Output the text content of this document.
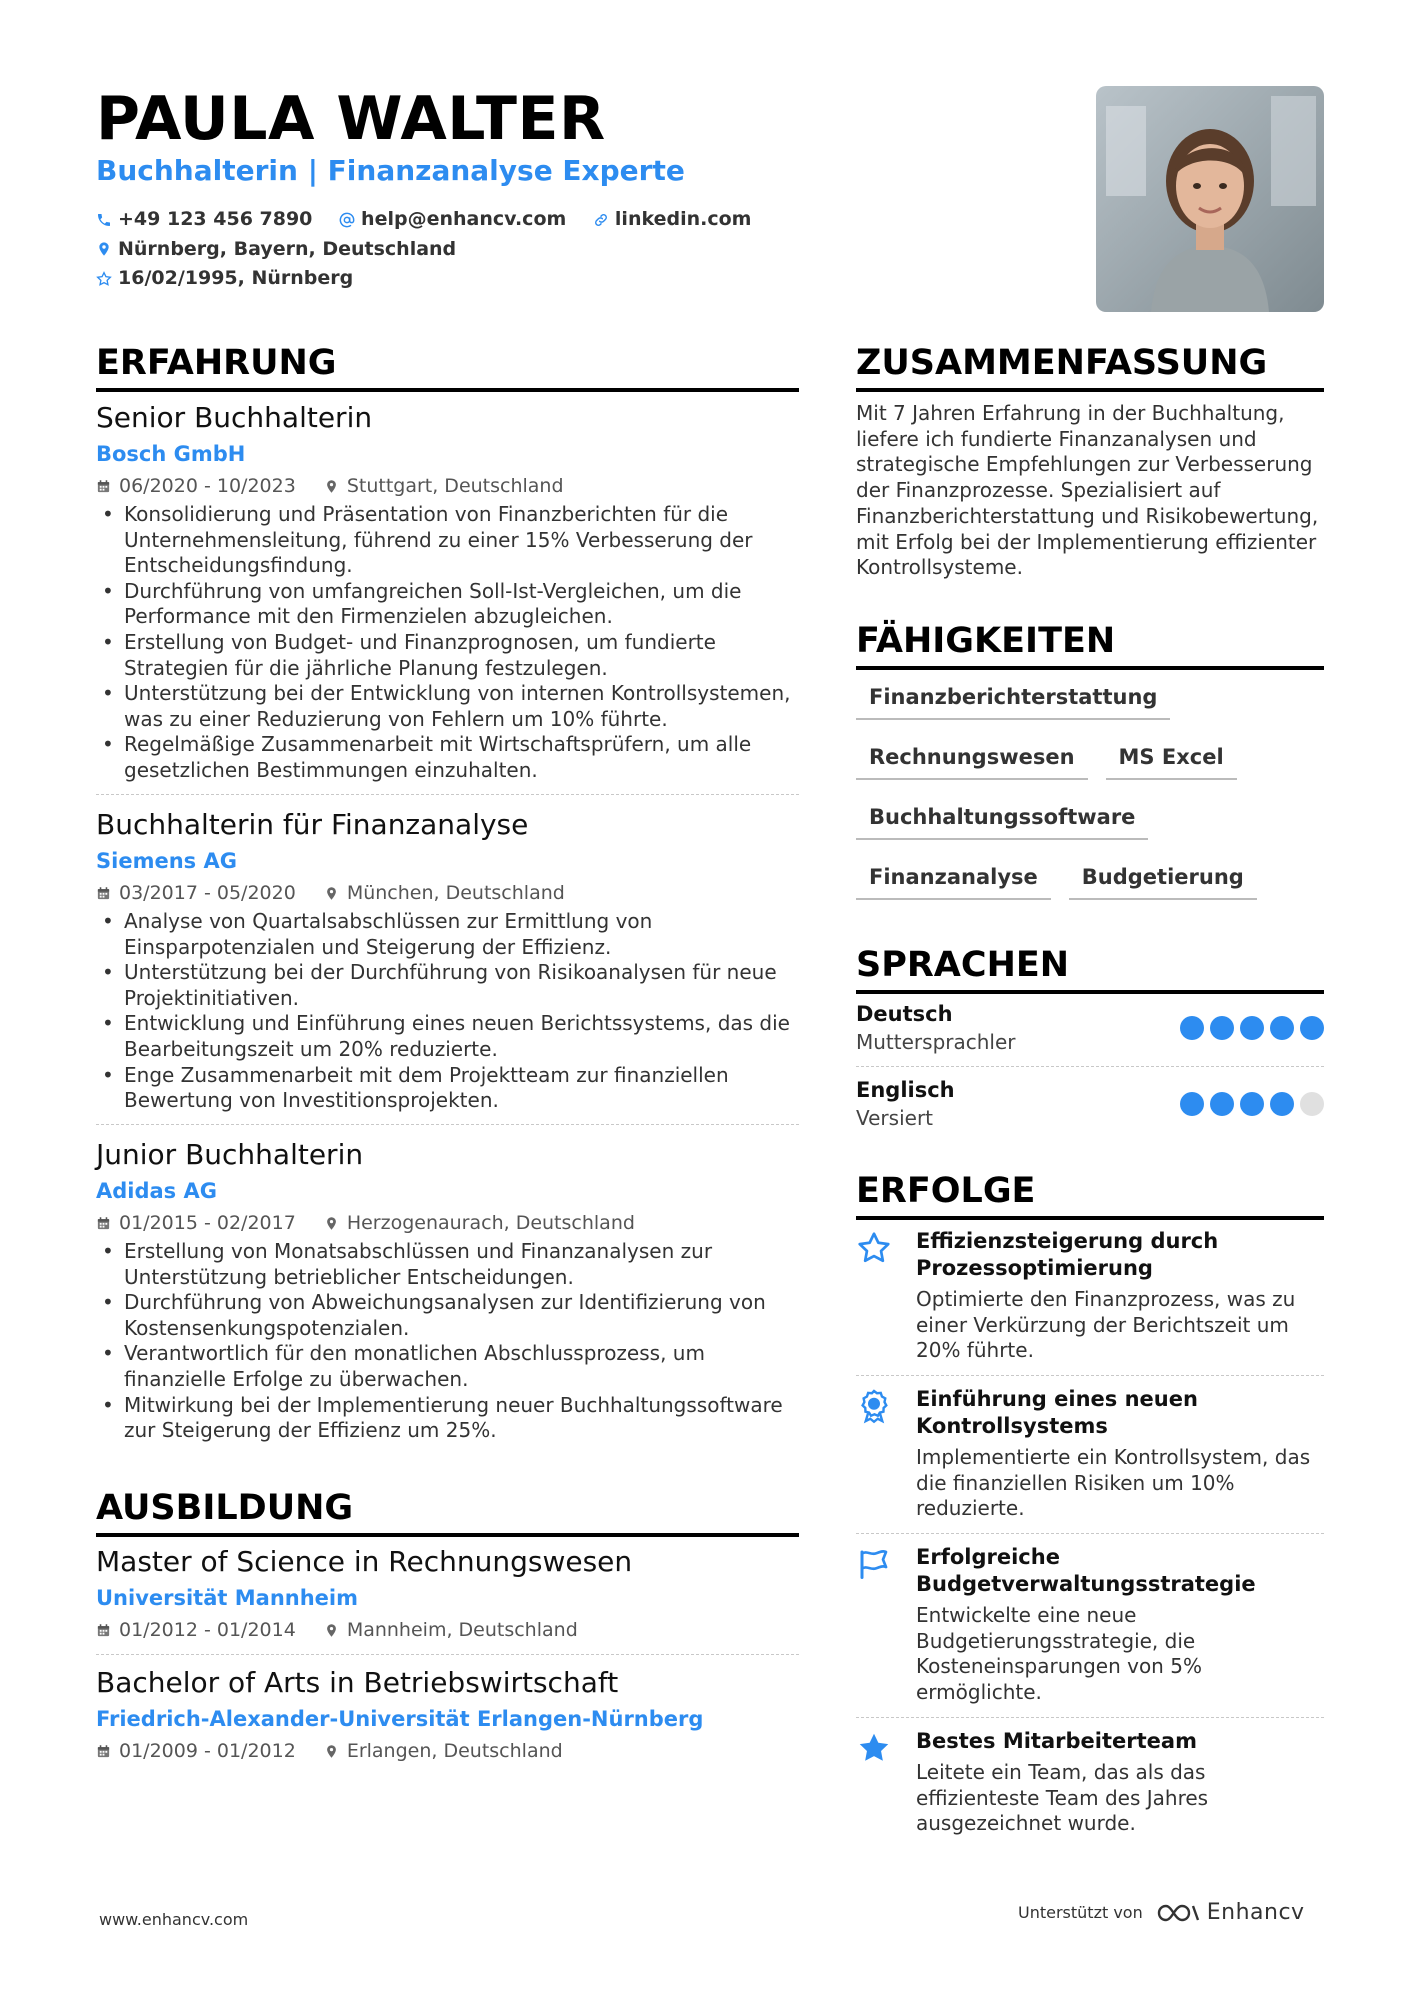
PAULA WALTER
Buchhalterin | Finanzanalyse Experte
+49 123 456 7890
	help@enhancv.com
	linkedin.com

Nürnberg, Bayern, Deutschland

16/02/1995, Nürnberg
ERFAHRUNG
Senior Buchhalterin
Bosch GmbH
06/2020 - 10/2023	Stuttgart, Deutschland
• Konsolidierung und Präsentation von Finanzberichten für die Unternehmensleitung, führend zu einer 15% Verbesserung der Entscheidungsfindung.
• Durchführung von umfangreichen Soll-Ist-Vergleichen, um die Performance mit den Firmenzielen abzugleichen.
• Erstellung von Budget- und Finanzprognosen, um fundierte Strategien für die jährliche Planung festzulegen.
• Unterstützung bei der Entwicklung von internen Kontrollsystemen, was zu einer Reduzierung von Fehlern um 10% führte.
• Regelmäßige Zusammenarbeit mit Wirtschaftsprüfern, um alle gesetzlichen Bestimmungen einzuhalten.
Buchhalterin für Finanzanalyse
Siemens AG
03/2017 - 05/2020	München, Deutschland
• Analyse von Quartalsabschlüssen zur Ermittlung von Einsparpotenzialen und Steigerung der Effizienz.
• Unterstützung bei der Durchführung von Risikoanalysen für neue Projektinitiativen.
• Entwicklung und Einführung eines neuen Berichtssystems, das die Bearbeitungszeit um 20% reduzierte.
• Enge Zusammenarbeit mit dem Projektteam zur finanziellen Bewertung von Investitionsprojekten.
Junior Buchhalterin
Adidas AG
01/2015 - 02/2017	Herzogenaurach, Deutschland
• Erstellung von Monatsabschlüssen und Finanzanalysen zur Unterstützung betrieblicher Entscheidungen.
• Durchführung von Abweichungsanalysen zur Identifizierung von Kostensenkungspotenzialen.
• Verantwortlich für den monatlichen Abschlussprozess, um finanzielle Erfolge zu überwachen.
• Mitwirkung bei der Implementierung neuer Buchhaltungssoftware zur Steigerung der Effizienz um 25%.
AUSBILDUNG
Master of Science in Rechnungswesen
Universität Mannheim
01/2012 - 01/2014	Mannheim, Deutschland
Bachelor of Arts in Betriebswirtschaft
Friedrich-Alexander-Universität Erlangen-Nürnberg
01/2009 - 01/2012	Erlangen, Deutschland
ZUSAMMENFASSUNG
Mit 7 Jahren Erfahrung in der Buchhaltung, liefere ich fundierte Finanzanalysen und strategische Empfehlungen zur Verbesserung der Finanzprozesse. Spezialisiert auf Finanzberichterstattung und Risikobewertung, mit Erfolg bei der Implementierung effizienter Kontrollsysteme.
FÄHIGKEITEN
Finanzberichterstattung
Rechnungswesen	MS Excel
Buchhaltungssoftware
Finanzanalyse	Budgetierung
SPRACHEN
Deutsch
Muttersprachler
Englisch
Versiert
ERFOLGE
Effizienzsteigerung durch Prozessoptimierung
Optimierte den Finanzprozess, was zu einer Verkürzung der Berichtszeit um 20% führte.
Einführung eines neuen Kontrollsystems
Implementierte ein Kontrollsystem, das die finanziellen Risiken um 10% reduzierte.
Erfolgreiche Budgetverwaltungsstrategie
Entwickelte eine neue Budgetierungsstrategie, die Kosteneinsparungen von 5% ermöglichte.
Bestes Mitarbeiterteam
Leitete ein Team, das als das effizienteste Team des Jahres ausgezeichnet wurde.
www.enhancv.com	Unterstützt von	Enhancv
